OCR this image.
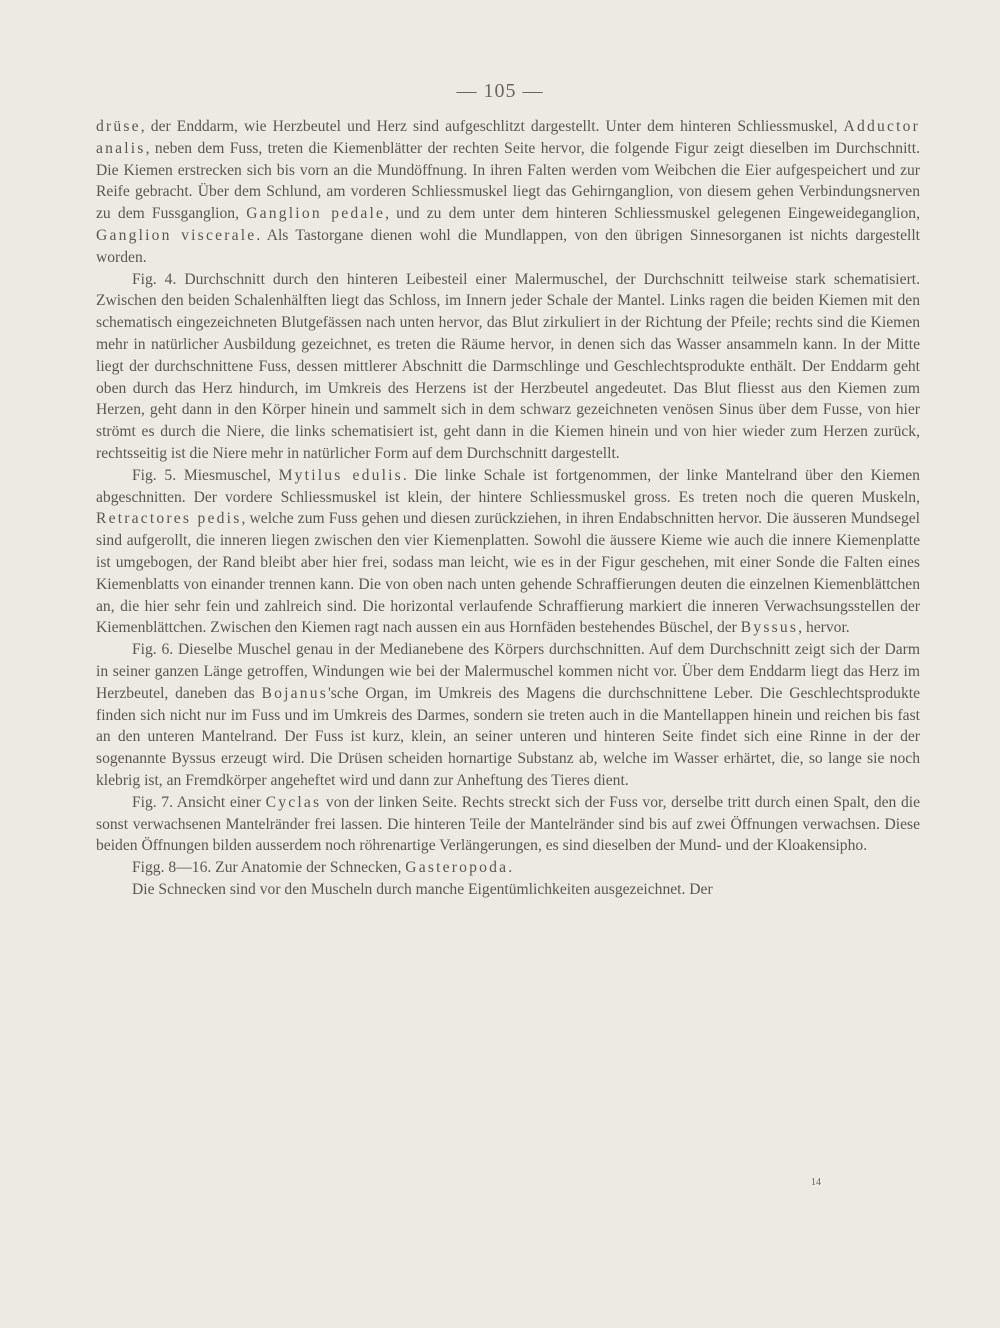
— 105 —

drüse, der Enddarm, wie Herzbeutel und Herz sind aufgeschlitzt dargestellt. Unter dem hinteren Schliessmuskel, Adductor analis, neben dem Fuss, treten die Kiemenblätter der rechten Seite hervor, die folgende Figur zeigt dieselben im Durchschnitt. Die Kiemen erstrecken sich bis vorn an die Mundöffnung. In ihren Falten werden vom Weibchen die Eier aufgespeichert und zur Reife gebracht. Über dem Schlund, am vorderen Schliessmuskel liegt das Gehirnganglion, von diesem gehen Verbindungsnerven zu dem Fussganglion, Ganglion pedale, und zu dem unter dem hinteren Schliessmuskel gelegenen Eingeweideganglion, Ganglion viscerale. Als Tastorgane dienen wohl die Mundlappen, von den übrigen Sinnesorganen ist nichts dargestellt worden.

Fig. 4. Durchschnitt durch den hinteren Leibesteil einer Malermuschel, der Durchschnitt teilweise stark schematisiert. Zwischen den beiden Schalenhälften liegt das Schloss, im Innern jeder Schale der Mantel. Links ragen die beiden Kiemen mit den schematisch eingezeichneten Blutgefässen nach unten hervor, das Blut zirkuliert in der Richtung der Pfeile; rechts sind die Kiemen mehr in natürlicher Ausbildung gezeichnet, es treten die Räume hervor, in denen sich das Wasser ansammeln kann. In der Mitte liegt der durchschnittene Fuss, dessen mittlerer Abschnitt die Darmschlinge und Geschlechtsprodukte enthält. Der Enddarm geht oben durch das Herz hindurch, im Umkreis des Herzens ist der Herzbeutel angedeutet. Das Blut fliesst aus den Kiemen zum Herzen, geht dann in den Körper hinein und sammelt sich in dem schwarz gezeichneten venösen Sinus über dem Fusse, von hier strömt es durch die Niere, die links schematisiert ist, geht dann in die Kiemen hinein und von hier wieder zum Herzen zurück, rechtsseitig ist die Niere mehr in natürlicher Form auf dem Durchschnitt dargestellt.

Fig. 5. Miesmuschel, Mytilus edulis. Die linke Schale ist fortgenommen, der linke Mantelrand über den Kiemen abgeschnitten. Der vordere Schliessmuskel ist klein, der hintere Schliessmuskel gross. Es treten noch die queren Muskeln, Retractores pedis, welche zum Fuss gehen und diesen zurückziehen, in ihren Endabschnitten hervor. Die äusseren Mundsegel sind aufgerollt, die inneren liegen zwischen den vier Kiemenplatten. Sowohl die äussere Kieme wie auch die innere Kiemenplatte ist umgebogen, der Rand bleibt aber hier frei, sodass man leicht, wie es in der Figur geschehen, mit einer Sonde die Falten eines Kiemenblatts von einander trennen kann. Die von oben nach unten gehende Schraffierungen deuten die einzelnen Kiemenblättchen an, die hier sehr fein und zahlreich sind. Die horizontal verlaufende Schraffierung markiert die inneren Verwachsungsstellen der Kiemenblättchen. Zwischen den Kiemen ragt nach aussen ein aus Hornfäden bestehendes Büschel, der Byssus, hervor.

Fig. 6. Dieselbe Muschel genau in der Medianebene des Körpers durchschnitten. Auf dem Durchschnitt zeigt sich der Darm in seiner ganzen Länge getroffen, Windungen wie bei der Malermuschel kommen nicht vor. Über dem Enddarm liegt das Herz im Herzbeutel, daneben das Bojanus'sche Organ, im Umkreis des Magens die durchschnittene Leber. Die Geschlechtsprodukte finden sich nicht nur im Fuss und im Umkreis des Darmes, sondern sie treten auch in die Mantellappen hinein und reichen bis fast an den unteren Mantelrand. Der Fuss ist kurz, klein, an seiner unteren und hinteren Seite findet sich eine Rinne in der der sogenannte Byssus erzeugt wird. Die Drüsen scheiden hornartige Substanz ab, welche im Wasser erhärtet, die, so lange sie noch klebrig ist, an Fremdkörper angeheftet wird und dann zur Anheftung des Tieres dient.

Fig. 7. Ansicht einer Cyclas von der linken Seite. Rechts streckt sich der Fuss vor, derselbe tritt durch einen Spalt, den die sonst verwachsenen Mantelränder frei lassen. Die hinteren Teile der Mantelränder sind bis auf zwei Öffnungen verwachsen. Diese beiden Öffnungen bilden ausserdem noch röhrenartige Verlängerungen, es sind dieselben der Mund- und der Kloakensipho.

Figg. 8—16. Zur Anatomie der Schnecken, Gasteropoda.

Die Schnecken sind vor den Muscheln durch manche Eigentümlichkeiten ausgezeichnet. Der

14
